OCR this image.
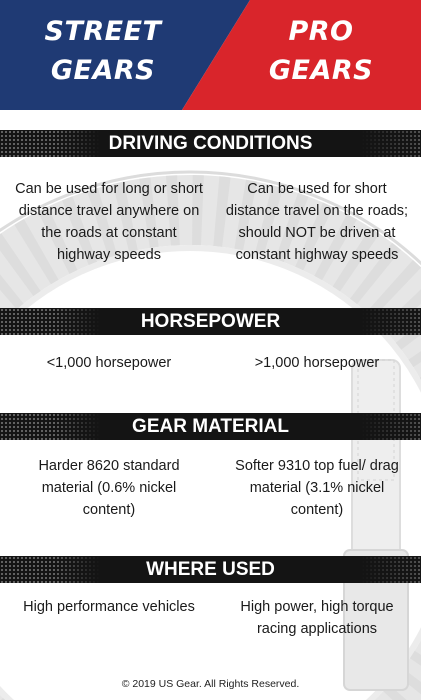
STREET
GEARS
PRO
GEARS
DRIVING CONDITIONS
Can be used for long or short distance travel anywhere on the roads at constant highway speeds
Can be used for short distance travel on the roads; should NOT be driven at constant highway speeds
HORSEPOWER
<1,000 horsepower	>1,000 horsepower
GEAR MATERIAL
Harder 8620 standard material (0.6% nickel content)
Softer 9310 top fuel/ drag material (3.1% nickel content)
WHERE USED
High performance vehicles	High power, high torque racing applications
© 2019 US Gear. All Rights Reserved.
